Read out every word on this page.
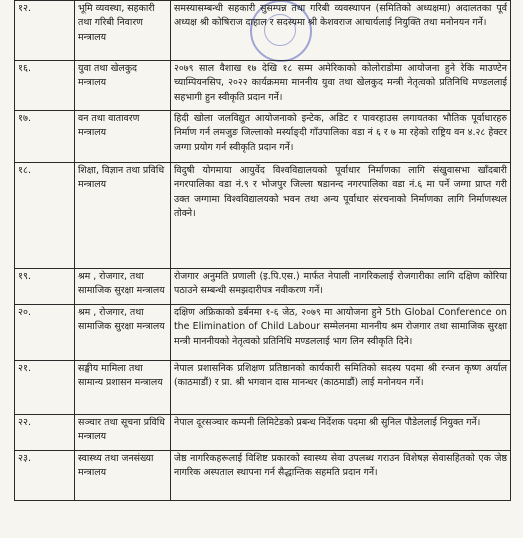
१२.	भूमि व्यवस्था, सहकारी तथा गरिबी निवारण मन्त्रालय	समस्यासम्बन्धी सहकारी सुसम्पन्न तथा गरिबी व्यवस्थापन (समितिको अध्यक्षमा) अदालतका पूर्व अध्यक्ष श्री कोषिराज दाहाल र सदस्यमा श्री केशवराज आचार्यलाई नियुक्ति तथा मनोनयन गर्ने।
१६.	युवा तथा खेलकुद मन्त्रालय	२०७९ साल वैशाख १७ देखि १८ सम्म अमेरिकाको कोलोराडोमा आयोजना हुने रेकि माउण्टेन च्याम्पियनसिप, २०२२ कार्यक्रममा माननीय युवा तथा खेलकुद मन्त्री नेतृत्वको प्रतिनिधि मण्डललाई सहभागी हुन स्वीकृति प्रदान गर्ने।
१७.	वन तथा वातावरण मन्त्रालय	हिदी खोला जलविद्युत आयोजनाको इन्टेक, अडिट र पावरहाउस लगायतका भौतिक पूर्वाधारहरु निर्माण गर्न लमजुङ जिल्लाको मर्स्याङ्दी गाँउपालिका वडा नं ६ र ७ मा रहेको राष्ट्रिय वन ४.२८ हेक्टर जग्गा प्रयोग गर्न स्वीकृति प्रदान गर्ने।
१८.	शिक्षा, विज्ञान तथा प्रविधि मन्त्रालय	विदुषी योगमाया आयुर्वेद विश्वविद्यालयको पूर्वाधार निर्माणका लागि संखुवासभा खाँदबारी नगरपालिका वडा नं.९ र भोजपुर जिल्ला षडानन्द नगरपालिका वडा नं.६ मा पर्ने जग्गा प्राप्त गरी उक्त जग्गामा विश्वविद्यालयको भवन तथा अन्य पूर्वाधार संरचनाको निर्माणका लागि निर्माणस्थल तोक्ने।
१९.	श्रम , रोजगार, तथा सामाजिक सुरक्षा मन्त्रालय	रोजगार अनुमति प्रणाली (इ.पि.एस.) मार्फत नेपाली नागरिकलाई रोजगारीका लागि दक्षिण कोरिया पठाउने सम्बन्धी समझदारीपत्र नवीकरण गर्ने।
२०.	श्रम , रोजगार, तथा सामाजिक सुरक्षा मन्त्रालय	दक्षिण अफ्रिकाको डर्बनमा १-६ जेठ, २०७९ मा आयोजना हुने 5th Global Conference on the Elimination of Child Labour सम्मेलनमा माननीय श्रम रोजगार तथा सामाजिक सुरक्षा मन्त्री माननीयको नेतृत्वको प्रतिनिधि मण्डललाई भाग लिन स्वीकृति दिने।
२१.	सङ्घीय मामिला तथा सामान्य प्रशासन मन्त्रालय	नेपाल प्रशासनिक प्रशिक्षण प्रतिष्ठानको कार्यकारी समितिको सदस्य पदमा श्री रन्जन कृष्ण अर्याल (काठमाडौं) र प्रा. श्री भगवान दास मानन्धर (काठमाडौं) लाई मनोनयन गर्ने।
२२.	सञ्चार तथा सूचना प्रविधि मन्त्रालय	नेपाल दूरसञ्चार कम्पनी लिमिटेडको प्रबन्ध निर्देशक पदमा श्री सुनिल पौडेललाई नियुक्त गर्ने।
२३.	स्वास्थ्य तथा जनसंख्या मन्त्रालय	जेष्ठ नागरिकहरूलाई विशिष्ट प्रकारको स्वास्थ्य सेवा उपलब्ध गराउन विशेषज्ञ सेवासहितको एक जेष्ठ नागरिक अस्पताल स्थापना गर्न सैद्धान्तिक सहमति प्रदान गर्ने।
